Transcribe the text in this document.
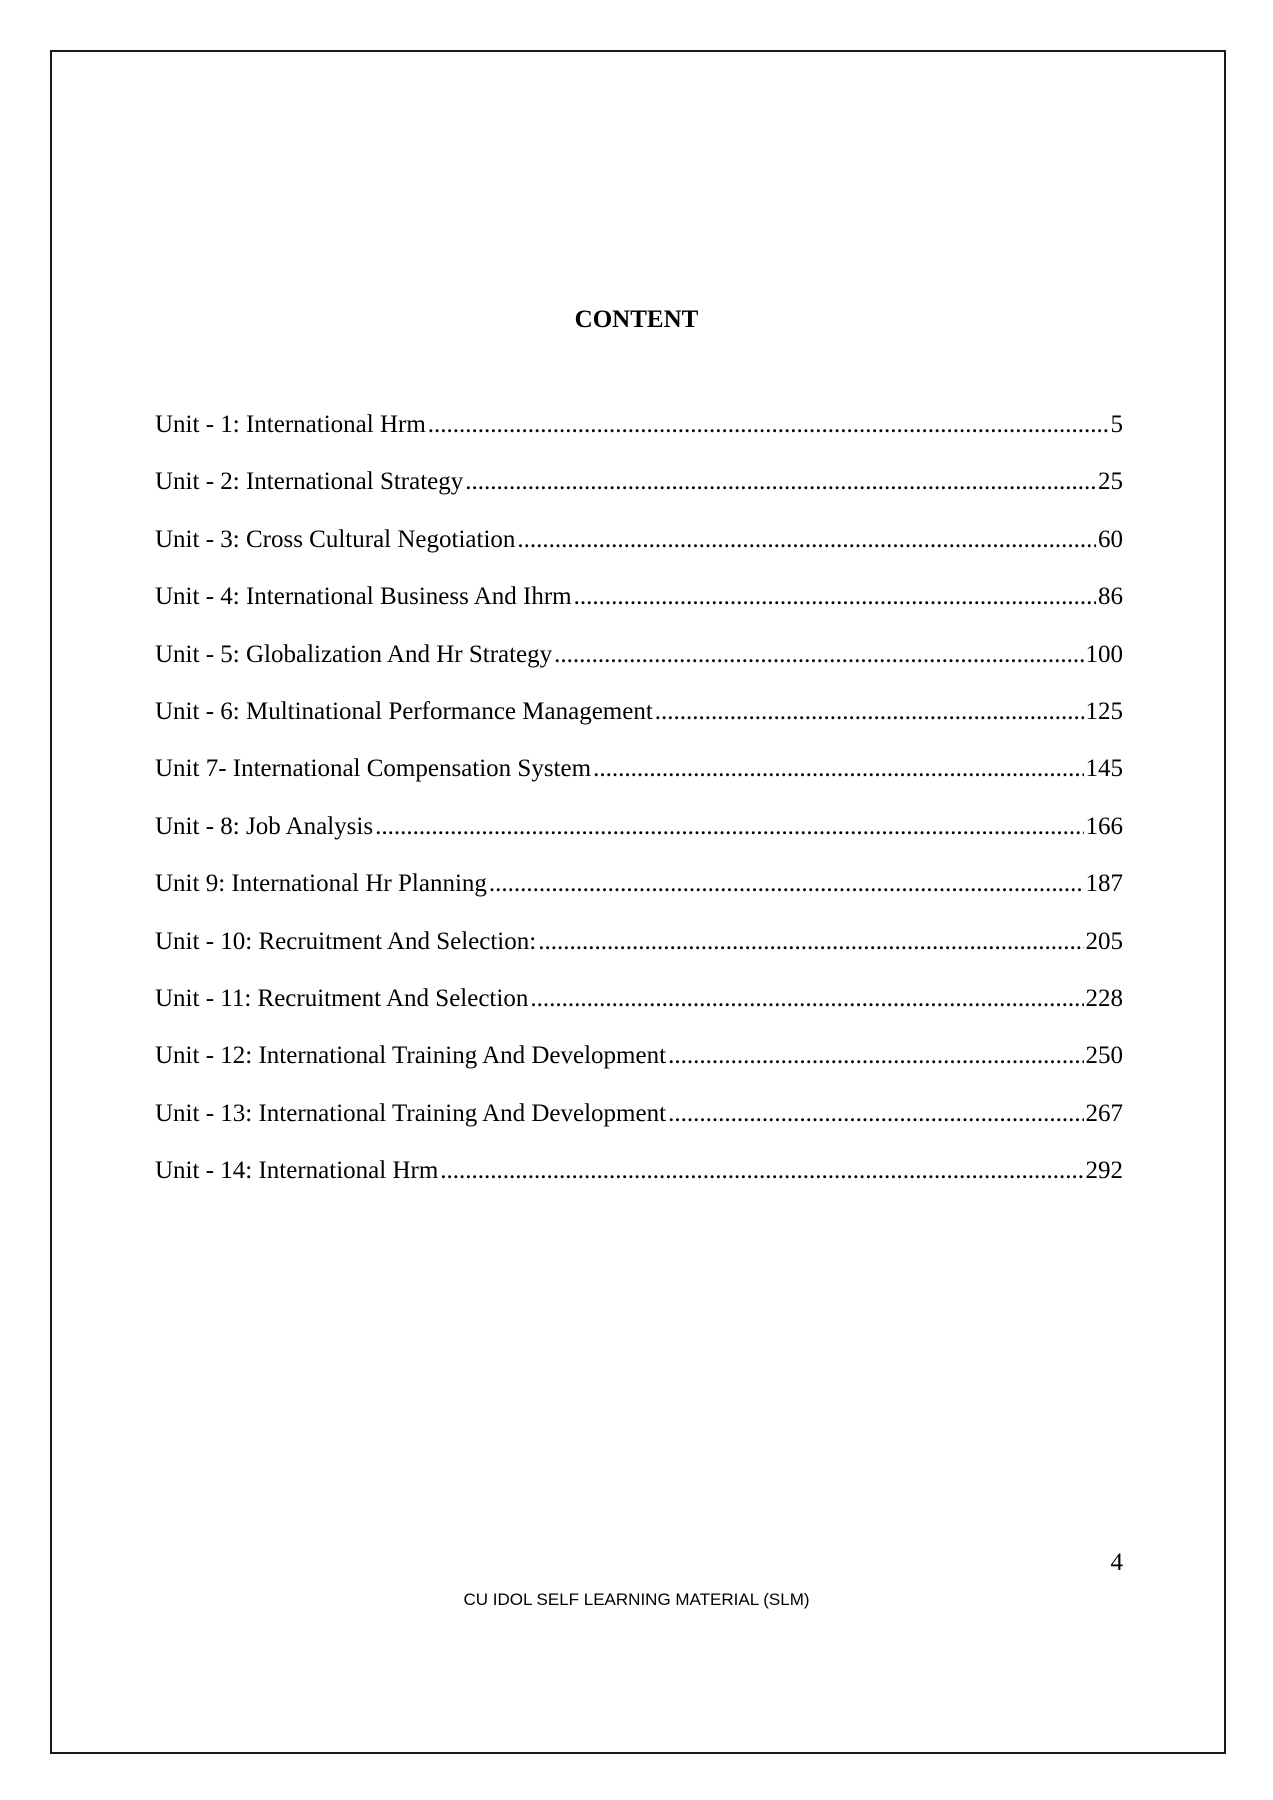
CONTENT
Unit - 1: International Hrm .....	5
Unit - 2: International Strategy .....	25
Unit - 3: Cross Cultural Negotiation .....	60
Unit - 4: International Business And Ihrm .....	86
Unit - 5: Globalization And Hr Strategy .....	100
Unit - 6: Multinational Performance Management .....	125
Unit 7- International Compensation System .....	145
Unit - 8: Job Analysis .....	166
Unit 9: International Hr Planning .....	187
Unit - 10: Recruitment And Selection: .....	205
Unit - 11: Recruitment And Selection .....	228
Unit - 12: International Training And Development .....	250
Unit - 13: International Training And Development .....	267
Unit - 14: International Hrm .....	292
4
CU IDOL SELF LEARNING MATERIAL (SLM)
